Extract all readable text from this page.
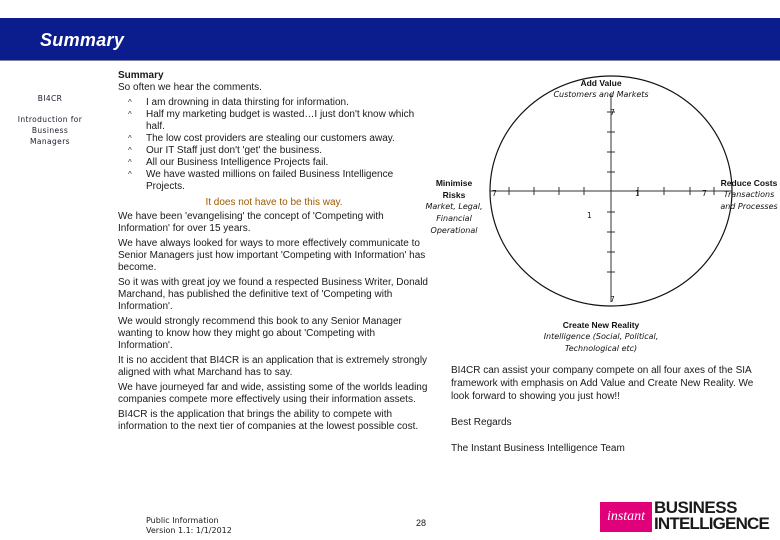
Summary
BI4CR
Introduction for Business Managers

Summary

So often we hear the comments.

^ I am drowning in data thirsting for information.
^ Half my marketing budget is wasted…I just don't know which half.
^ The low cost providers are stealing our customers away.
^ Our IT Staff just don't 'get' the business.
^ All our Business Intelligence Projects fail.
^ We have wasted millions on failed Business Intelligence Projects.

It does not have to be this way.

We have been 'evangelising' the concept of 'Competing with Information' for over 15 years.

We have always looked for ways to more effectively communicate to Senior Managers just how important 'Competing with Information' has become.

So it was with great joy we found a respected Business Writer, Donald Marchand, has published the definitive text of 'Competing with Information'.

We would strongly recommend this book to any Senior Manager wanting to know how they might go about 'Competing with Information'.

It is no accident that BI4CR is an application that is extremely strongly aligned with what Marchand has to say.

We have journeyed far and wide, assisting some of the worlds leading companies compete more effectively using their information assets.

BI4CR is the application that brings the ability to compete with information to the next tier of companies at the lowest possible cost.

7
7
7	7
1
1
Add Value
Customers and Markets
Minimise Risks
Market, Legal, Financial Operational
Reduce Costs
Transactions and Processes
Create New Reality
Intelligence (Social, Political, Technological etc)

BI4CR can assist your company compete on all four axes of the SIA framework with emphasis on Add Value and Create New Reality. We look forward to showing you just how!!

Best Regards

The Instant Business Intelligence Team

Public Information
Version 1.1: 1/1/2012
28	instant BUSINESS
INTELLIGENCE
